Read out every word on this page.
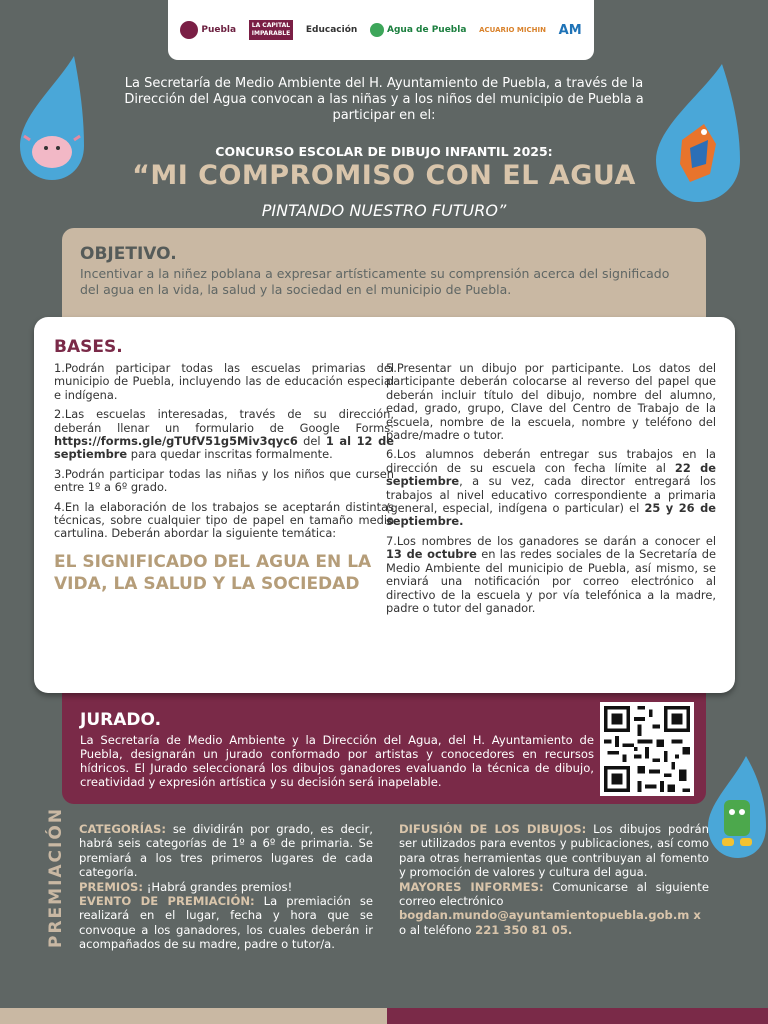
Puebla	LA CAPITAL
IMPARABLE	Educación	Agua de Puebla ACUARIO MICHIN AM
La Secretaría de Medio Ambiente del H. Ayuntamiento de Puebla, a través de la Dirección del Agua convocan a las niñas y a los niños del municipio de Puebla a participar en el:
CONCURSO ESCOLAR DE DIBUJO INFANTIL 2025:
“MI COMPROMISO CON EL AGUA
PINTANDO NUESTRO FUTURO”
OBJETIVO.

Incentivar a la niñez poblana a expresar artísticamente su comprensión acerca del significado del agua en la vida, la salud y la sociedad en el municipio de Puebla.

JURADO.

La Secretaría de Medio Ambiente y la Dirección del Agua, del H. Ayuntamiento de Puebla, designarán un jurado conformado por artistas y conocedores en recursos hídricos. El Jurado seleccionará los dibujos ganadores evaluando la técnica de dibujo, creatividad y expresión artística y su decisión será inapelable.

BASES.

1.Podrán participar todas las escuelas primarias del municipio de Puebla, incluyendo las de educación especial e indígena.

2.Las escuelas interesadas, través de su dirección, deberán llenar un formulario de Google Forms: https://forms.gle/gTUfV51g5Miv3qyc6 del 1 al 12 de septiembre para quedar inscritas formalmente.

3.Podrán participar todas las niñas y los niños que cursen entre 1º a 6º grado.

4.En la elaboración de los trabajos se aceptarán distintas técnicas, sobre cualquier tipo de papel en tamaño media cartulina. Deberán abordar la siguiente temática:

EL SIGNIFICADO DEL AGUA EN LA VIDA, LA SALUD Y LA SOCIEDAD

5.Presentar un dibujo por participante. Los datos del participante deberán colocarse al reverso del papel que deberán incluir título del dibujo, nombre del alumno, edad, grado, grupo, Clave del Centro de Trabajo de la escuela, nombre de la escuela, nombre y teléfono del padre/madre o tutor.

6.Los alumnos deberán entregar sus trabajos en la dirección de su escuela con fecha límite al 22 de septiembre, a su vez, cada director entregará los trabajos al nivel educativo correspondiente a primaria (general, especial, indígena o particular) el 25 y 26 de septiembre.

7.Los nombres de los ganadores se darán a conocer el 13 de octubre en las redes sociales de la Secretaría de Medio Ambiente del municipio de Puebla, así mismo, se enviará una notificación por correo electrónico al directivo de la escuela y por vía telefónica a la madre, padre o tutor del ganador.

PREMIACIÓN CATEGORÍAS: se dividirán por grado, es decir, habrá seis categorías de 1º a 6º de primaria. Se premiará a los tres primeros lugares de cada categoría.

PREMIOS: ¡Habrá grandes premios!

EVENTO DE PREMIACIÓN: La premiación se realizará en el lugar, fecha y hora que se convoque a los ganadores, los cuales deberán ir acompañados de su madre, padre o tutor/a.

DIFUSIÓN DE LOS DIBUJOS: Los dibujos podrán ser utilizados para eventos y publicaciones, así como para otras herramientas que contribuyan al fomento y promoción de valores y cultura del agua.

MAYORES INFORMES: Comunicarse al siguiente correo electrónico

bogdan.mundo@ayuntamientopuebla.gob.m x

o al teléfono 221 350 81 05.
